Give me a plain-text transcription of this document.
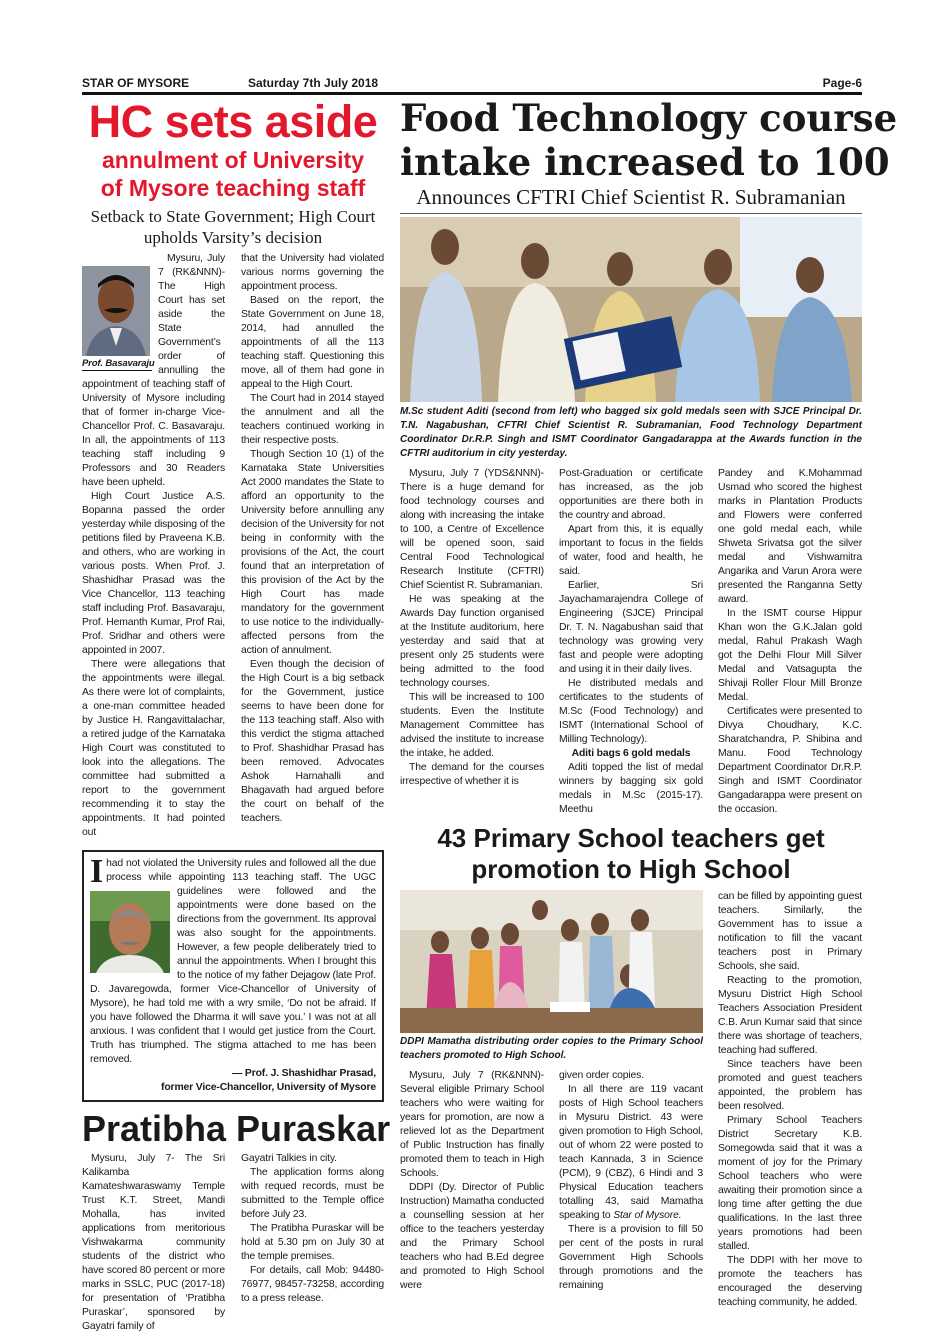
STAR OF MYSORE	Saturday 7th July 2018	Page-6
HC sets aside
annulment of University
of Mysore teaching staff
Setback to State Government; High Court
upholds Varsity’s decision
Prof. Basavaraju

Mysuru, July 7 (RK&NNN)- The High Court has set aside the State Government’s order of annulling the appointment of teaching staff of University of Mysore including that of former in-charge Vice-Chancellor Prof. C. Basavaraju. In all, the appointments of 113 teaching staff including 9 Professors and 30 Readers have been upheld.

High Court Justice A.S. Bopanna passed the order yesterday while disposing of the petitions filed by Praveena K.B. and others, who are working in various posts. When Prof. J. Shashidhar Prasad was the Vice Chancellor, 113 teaching staff including Prof. Basavaraju, Prof. Hemanth Kumar, Prof Rai, Prof. Sridhar and others were appointed in 2007.

There were allegations that the appointments were illegal. As there were lot of complaints, a one-man committee headed by Justice H. Rangavittalachar, a retired judge of the Karnataka High Court was constituted to look into the allegations. The committee had submitted a report to the government recommending it to stay the appointments. It had pointed out

that the University had violated various norms governing the appointment process.

Based on the report, the State Government on June 18, 2014, had annulled the appointments of all the 113 teaching staff. Questioning this move, all of them had gone in appeal to the High Court.

The Court had in 2014 stayed the annulment and all the teachers continued working in their respective posts.

Though Section 10 (1) of the Karnataka State Universities Act 2000 mandates the State to afford an opportunity to the University before annulling any decision of the University for not being in conformity with the provisions of the Act, the court found that an interpretation of this provision of the Act by the High Court has made mandatory for the government to use notice to the individually-affected persons from the action of annulment.

Even though the decision of the High Court is a big setback for the Government, justice seems to have been done for the 113 teaching staff. Also with this verdict the stigma attached to Prof. Shashidhar Prasad has been removed. Advocates Ashok Harnahalli and Bhagavath had argued before the court on behalf of the teachers.

I had not violated the University rules and followed all the due process while appointing 113 teaching staff. The UGC guidelines were followed and the appointments were done based on the directions from the government. Its approval was also sought for the appointments. However, a few people deliberately tried to annul the appointments. When I brought this to the notice of my father Dejagow (late Prof. D. Javaregowda, former Vice-Chancellor of University of Mysore), he had told me with a wry smile, ‘Do not be afraid. If you have followed the Dharma it will save you.’ I was not at all anxious. I was confident that I would get justice from the Court. Truth has triumphed. The stigma attached to me has been removed.
— Prof. J. Shashidhar Prasad,
former Vice-Chancellor, University of Mysore
Pratibha Puraskar

Mysuru, July 7- The Sri Kalikamba Kamateshwaraswamy Temple Trust K.T. Street, Mandi Mohalla, has invited applications from meritorious Vishwakarma community students of the district who have scored 80 percent or more marks in SSLC, PUC (2017-18) for presentation of ‘Pratibha Puraskar’, sponsored by Gayatri family of

Gayatri Talkies in city.

The application forms along with requed records, must be submitted to the Temple office before July 23.

The Pratibha Puraskar will be hold at 5.30 pm on July 30 at the temple premises.

For details, call Mob: 94480-76977, 98457-73258, according to a press release.

Food Technology course
intake increased to 100
Announces CFTRI Chief Scientist R. Subramanian
M.Sc student Aditi (second from left) who bagged six gold medals seen with SJCE Principal Dr. T.N. Nagabushan, CFTRI Chief Scientist R. Subramanian, Food Technology Department Coordinator Dr.R.P. Singh and ISMT Coordinator Gangadarappa at the Awards function in the CFTRI auditorium in city yesterday.

Mysuru, July 7 (YDS&NNN)- There is a huge demand for food technology courses and along with increasing the intake to 100, a Centre of Excellence will be opened soon, said Central Food Technological Research Institute (CFTRI) Chief Scientist R. Subramanian.

He was speaking at the Awards Day function organised at the Institute auditorium, here yesterday and said that at present only 25 students were being admitted to the food technology courses.

This will be increased to 100 students. Even the Institute Management Committee has advised the institute to increase the intake, he added.

The demand for the courses irrespective of whether it is

Post-Graduation or certificate has increased, as the job opportunities are there both in the country and abroad.

Apart from this, it is equally important to focus in the fields of water, food and health, he said.

Earlier, Sri Jayachamarajendra College of Engineering (SJCE) Principal Dr. T. N. Nagabushan said that technology was growing very fast and people were adopting and using it in their daily lives.

He distributed medals and certificates to the students of M.Sc (Food Technology) and ISMT (International School of Milling Technology).

Aditi bags 6 gold medals

Aditi topped the list of medal winners by bagging six gold medals in M.Sc (2015-17). Meethu

Pandey and K.Mohammad Usmad who scored the highest marks in Plantation Products and Flowers were conferred one gold medal each, while Shweta Srivatsa got the silver medal and Vishwamitra Angarika and Varun Arora were presented the Ranganna Setty award.

In the ISMT course Hippur Khan won the G.K.Jalan gold medal, Rahul Prakash Wagh got the Delhi Flour Mill Silver Medal and Vatsagupta the Shivaji Roller Flour Mill Bronze Medal.

Certificates were presented to Divya Choudhary, K.C. Sharatchandra, P. Shibina and Manu. Food Technology Department Coordinator Dr.R.P. Singh and ISMT Coordinator Gangadarappa were present on the occasion.

43 Primary School teachers get
promotion to High School
DDPI Mamatha distributing order copies to the Primary School teachers promoted to High School.

Mysuru, July 7 (RK&NNN)- Several eligible Primary School teachers who were waiting for years for promotion, are now a relieved lot as the Department of Public Instruction has finally promoted them to teach in High Schools.

DDPI (Dy. Director of Public Instruction) Mamatha conducted a counselling session at her office to the teachers yesterday and the Primary School teachers who had B.Ed degree and promoted to High School were

given order copies.

In all there are 119 vacant posts of High School teachers in Mysuru District. 43 were given promotion to High School, out of whom 22 were posted to teach Kannada, 3 in Science (PCM), 9 (CBZ), 6 Hindi and 3 Physical Education teachers totalling 43, said Mamatha speaking to Star of Mysore.

There is a provision to fill 50 per cent of the posts in rural Government High Schools through promotions and the remaining

can be filled by appointing guest teachers. Similarly, the Government has to issue a notification to fill the vacant teachers post in Primary Schools, she said.

Reacting to the promotion, Mysuru District High School Teachers Association President C.B. Arun Kumar said that since there was shortage of teachers, teaching had suffered.

Since teachers have been promoted and guest teachers appointed, the problem has been resolved.

Primary School Teachers District Secretary K.B. Somegowda said that it was a moment of joy for the Primary School teachers who were awaiting their promotion since a long time after getting the due qualifications. In the last three years promotions had been stalled.

The DDPI with her move to promote the teachers has encouraged the deserving teaching community, he added.
